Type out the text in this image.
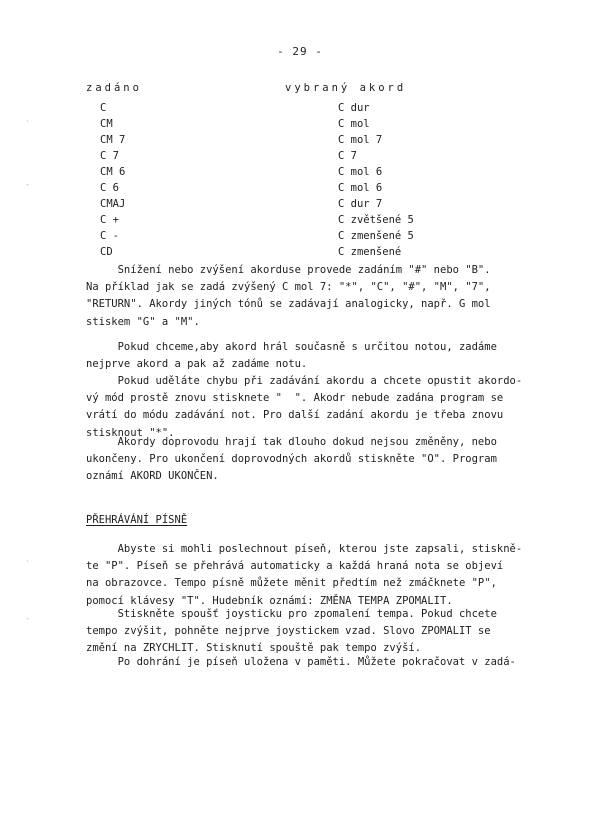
- 29 -
zadáno	vybraný akord
C
CM
CM 7
C 7
CM 6
C 6
CMAJ
C +
C -
CD
C dur
C mol
C mol 7
C 7
C mol 6
C mol 6
C dur 7
C zvětšené 5
C zmenšené 5
C zmenšené
Snížení nebo zvýšení akorduse provede zadáním "#" nebo "B".
Na příklad jak se zadá zvýšený C mol 7: "*", "C", "#", "M", "7",
"RETURN". Akordy jiných tónů se zadávají analogicky, např. G mol
stiskem "G" a "M".
Pokud chceme,aby akord hrál současně s určitou notou, zadáme
nejprve akord a pak až zadáme notu.
Pokud uděláte chybu při zadávání akordu a chcete opustit akordo-
vý mód prostě znovu stisknete "  ". Akodr nebude zadána program se
vrátí do módu zadávání not. Pro další zadání akordu je třeba znovu
stisknout "*".
Akordy doprovodu hrají tak dlouho dokud nejsou změněny, nebo
ukončeny. Pro ukončení doprovodných akordů stiskněte "O". Program
oznámí AKORD UKONČEN.
PŘEHRÁVÁNÍ PÍSNĚ
Abyste si mohli poslechnout píseň, kterou jste zapsali, stiskně-
te "P". Píseň se přehrává automaticky a každá hraná nota se objeví
na obrazovce. Tempo písně můžete měnit předtím než zmáčknete "P",
pomocí klávesy "T". Hudebník oznámí: ZMĚNA TEMPA ZPOMALIT.
Stiskněte spoušť joysticku pro zpomalení tempa. Pokud chcete
tempo zvýšit, pohněte nejprve joystickem vzad. Slovo ZPOMALIT se
změní na ZRYCHLIT. Stisknutí spouště pak tempo zvýší.
Po dohrání je píseň uložena v paměti. Můžete pokračovat v zadá-
·
-
·
-
